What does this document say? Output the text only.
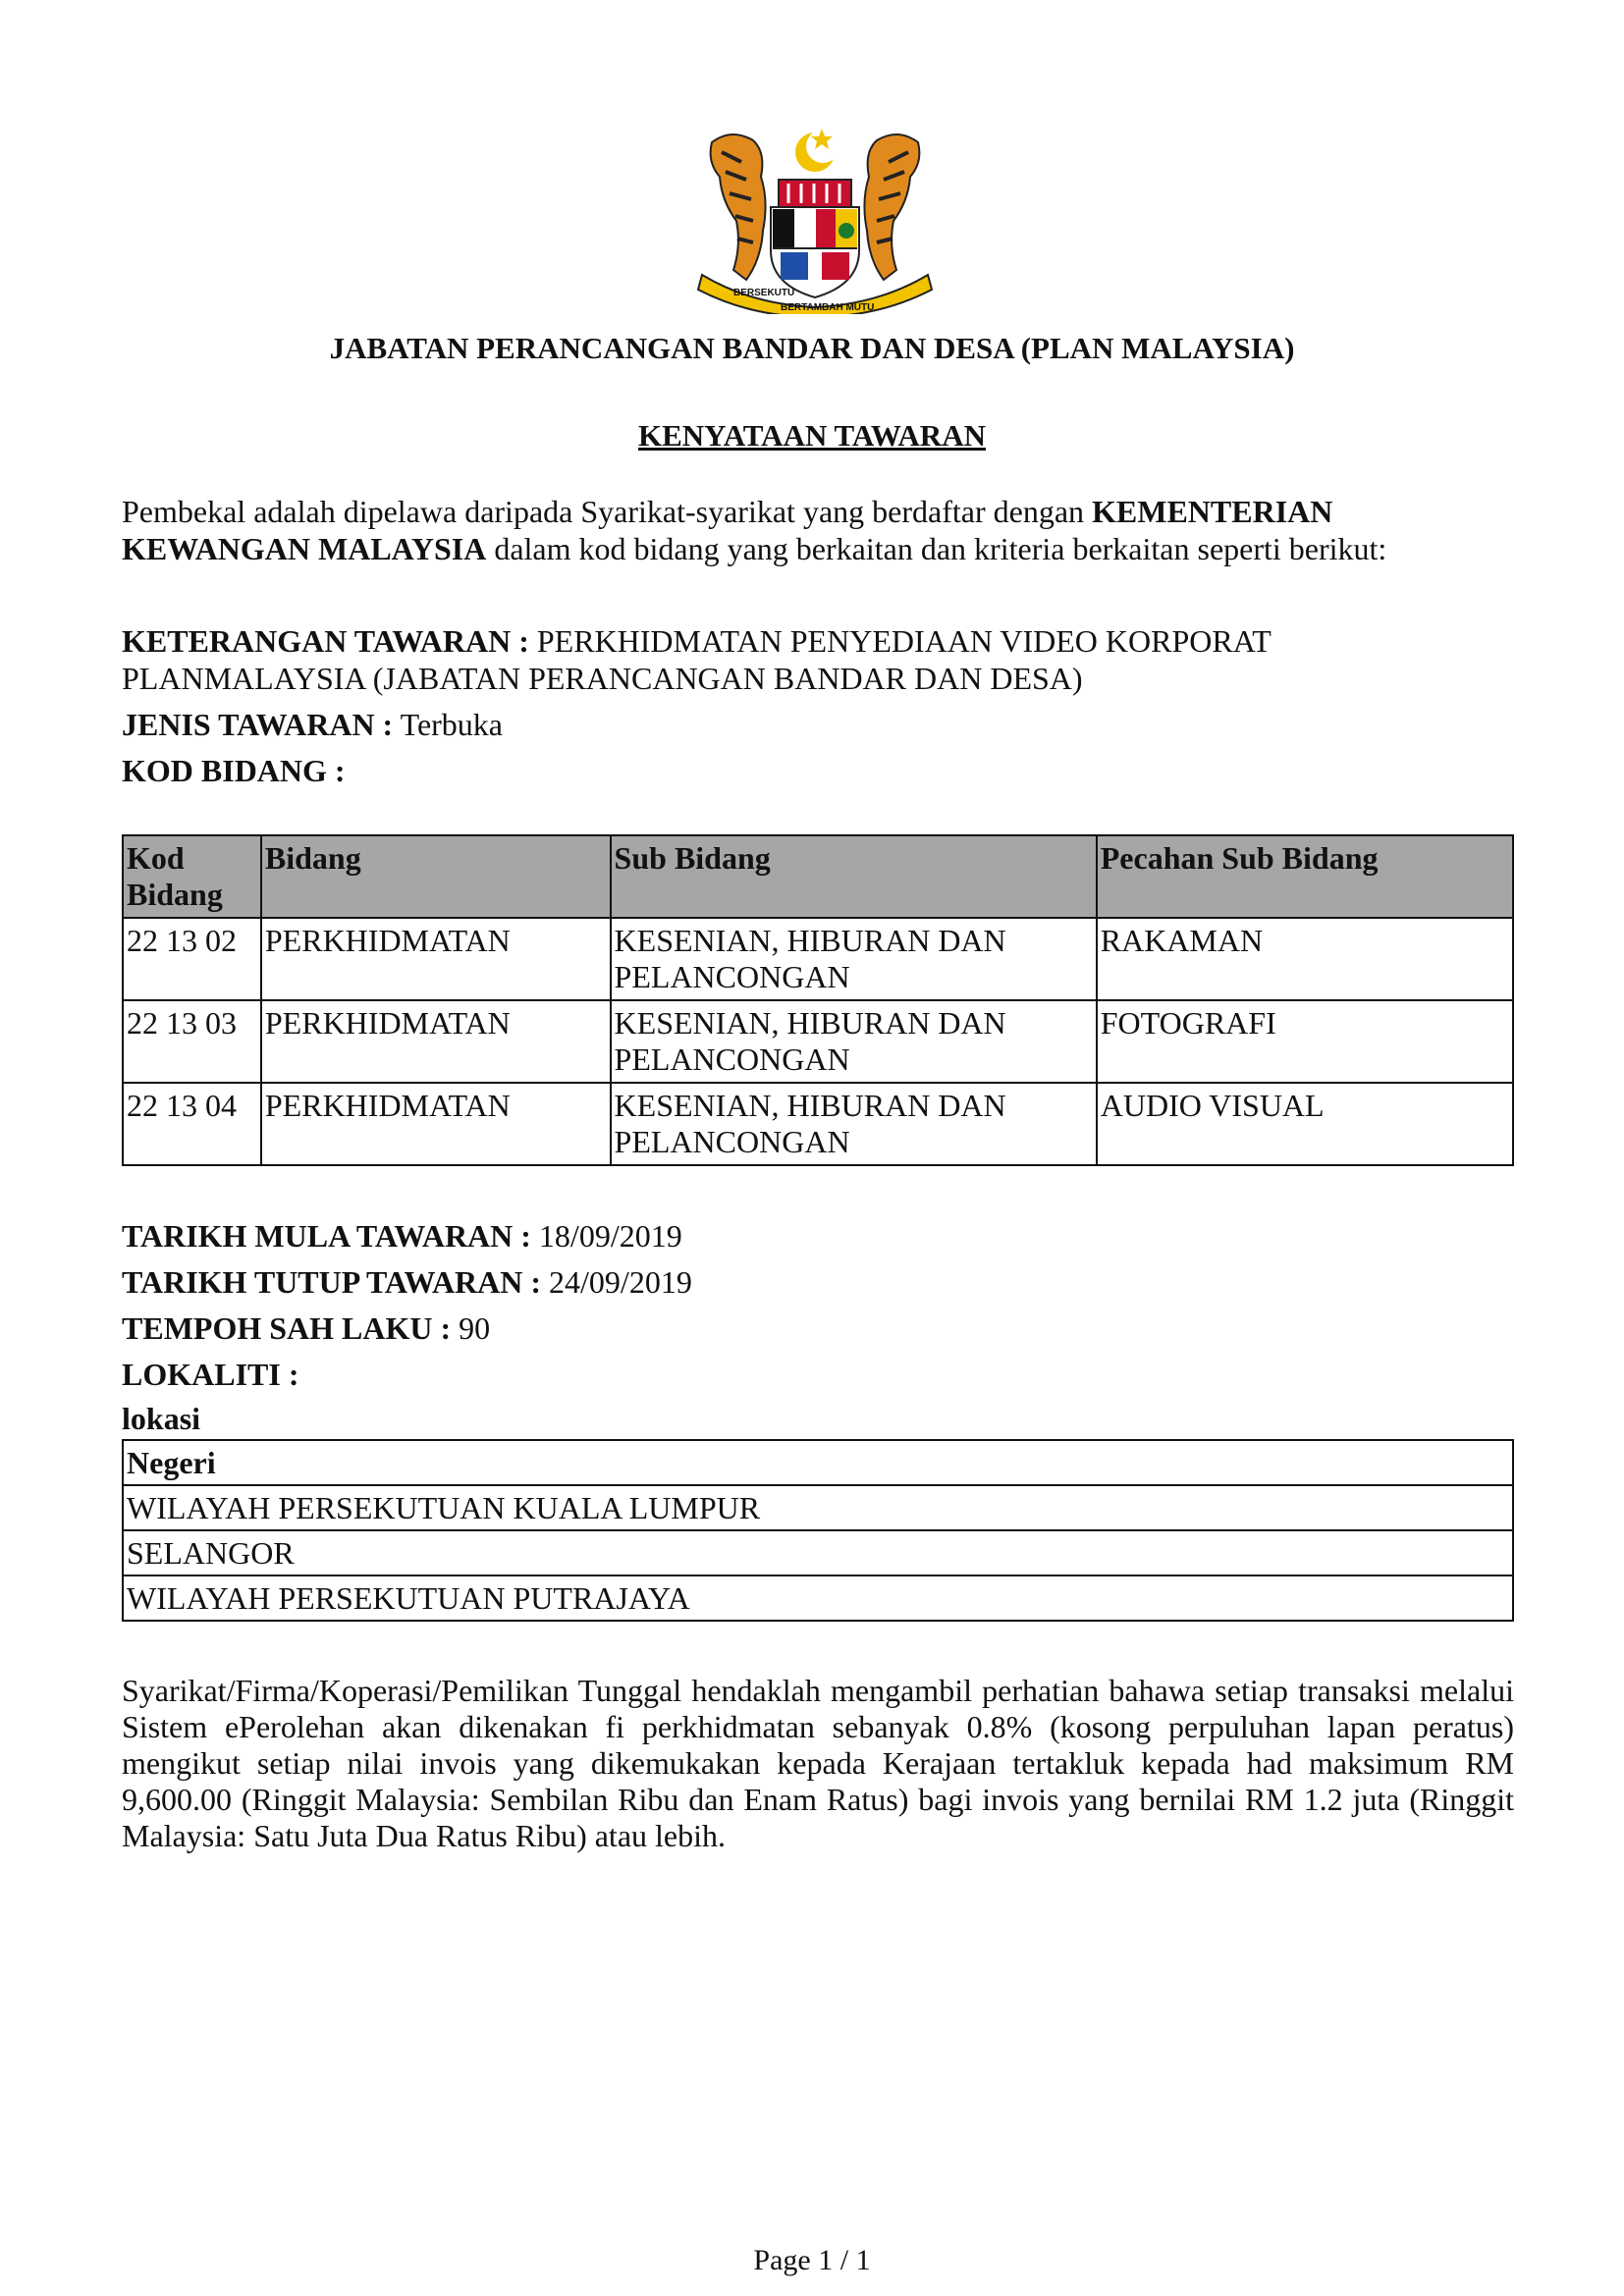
BERSEKUTU
BERTAMBAH MUTU
JABATAN PERANCANGAN BANDAR DAN DESA (PLAN MALAYSIA)
KENYATAAN TAWARAN
Pembekal adalah dipelawa daripada Syarikat-syarikat yang berdaftar dengan KEMENTERIAN KEWANGAN MALAYSIA dalam kod bidang yang berkaitan dan kriteria berkaitan seperti berikut:
KETERANGAN TAWARAN : PERKHIDMATAN PENYEDIAAN VIDEO KORPORAT PLANMALAYSIA (JABATAN PERANCANGAN BANDAR DAN DESA)
JENIS TAWARAN : Terbuka
KOD BIDANG :
Kod Bidang	Bidang	Sub Bidang	Pecahan Sub Bidang
22 13 02	PERKHIDMATAN	KESENIAN, HIBURAN DAN PELANCONGAN	RAKAMAN
22 13 03	PERKHIDMATAN	KESENIAN, HIBURAN DAN PELANCONGAN	FOTOGRAFI
22 13 04	PERKHIDMATAN	KESENIAN, HIBURAN DAN PELANCONGAN	AUDIO VISUAL
TARIKH MULA TAWARAN : 18/09/2019
TARIKH TUTUP TAWARAN : 24/09/2019
TEMPOH SAH LAKU : 90
LOKALITI :
lokasi
Negeri
WILAYAH PERSEKUTUAN KUALA LUMPUR
SELANGOR
WILAYAH PERSEKUTUAN PUTRAJAYA
Syarikat/Firma/Koperasi/Pemilikan Tunggal hendaklah mengambil perhatian bahawa setiap transaksi melalui Sistem ePerolehan akan dikenakan fi perkhidmatan sebanyak 0.8% (kosong perpuluhan lapan peratus) mengikut setiap nilai invois yang dikemukakan kepada Kerajaan tertakluk kepada had maksimum RM 9,600.00 (Ringgit Malaysia: Sembilan Ribu dan Enam Ratus) bagi invois yang bernilai RM 1.2 juta (Ringgit Malaysia: Satu Juta Dua Ratus Ribu) atau lebih.
Page 1 / 1
